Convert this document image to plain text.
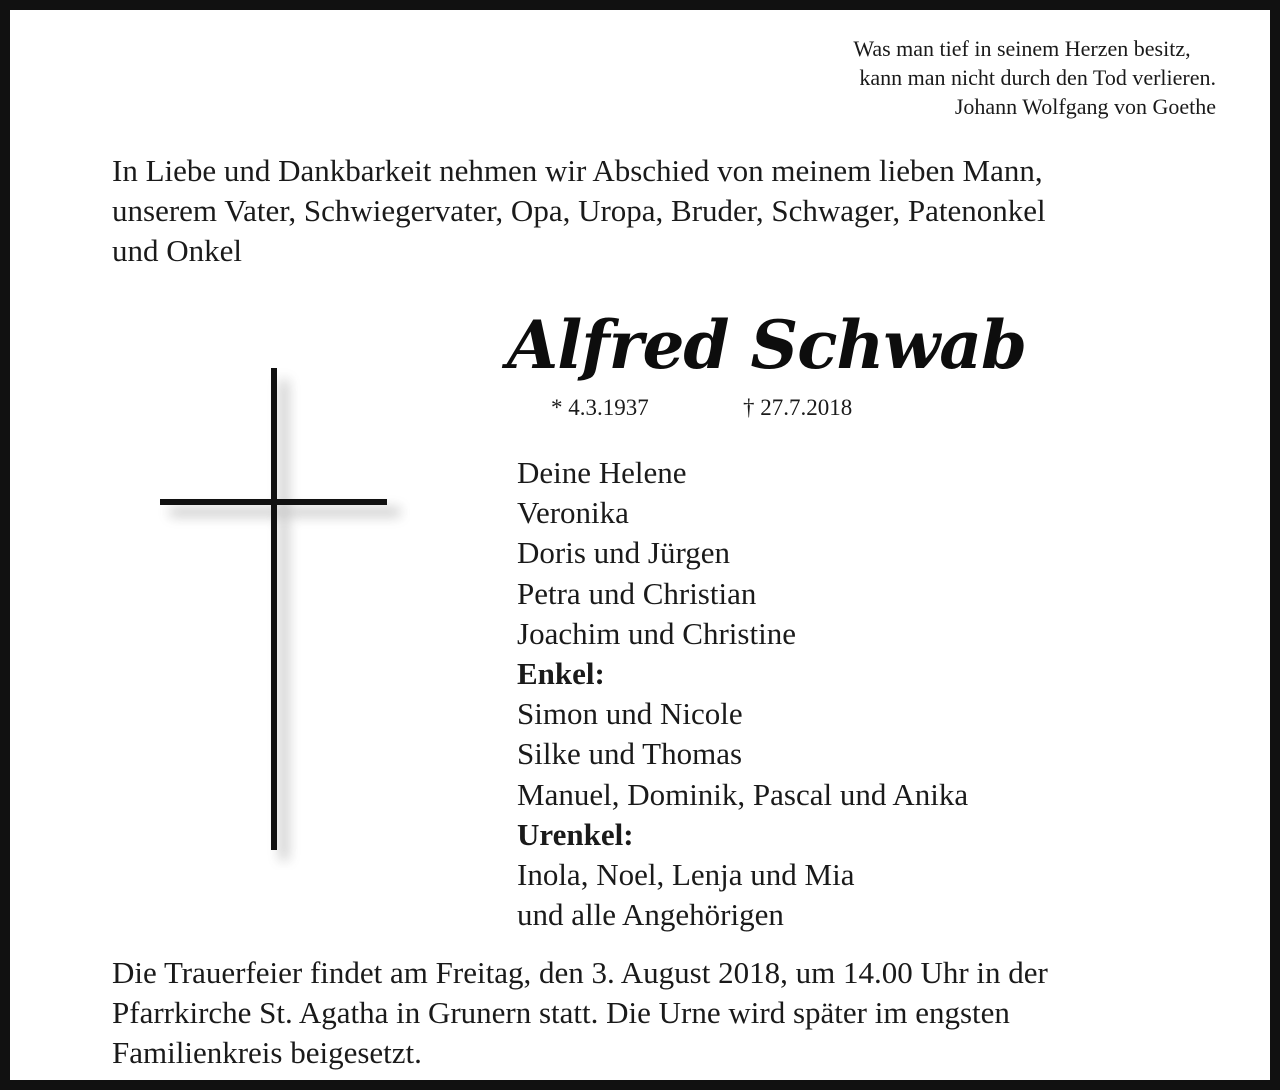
Was man tief in seinem Herzen besitz,
kann man nicht durch den Tod verlieren.
Johann Wolfgang von Goethe
In Liebe und Dankbarkeit nehmen wir Abschied von meinem lieben Mann,
unserem Vater, Schwiegervater, Opa, Uropa, Bruder, Schwager, Patenonkel
und Onkel
Alfred Schwab
* 4.3.1937	† 27.7.2018
Deine Helene
Veronika
Doris und Jürgen
Petra und Christian
Joachim und Christine
Enkel:
Simon und Nicole
Silke und Thomas
Manuel, Dominik, Pascal und Anika
Urenkel:
Inola, Noel, Lenja und Mia
und alle Angehörigen
Die Trauerfeier findet am Freitag, den 3. August 2018, um 14.00 Uhr in der
Pfarrkirche St. Agatha in Grunern statt. Die Urne wird später im engsten
Familienkreis beigesetzt.
